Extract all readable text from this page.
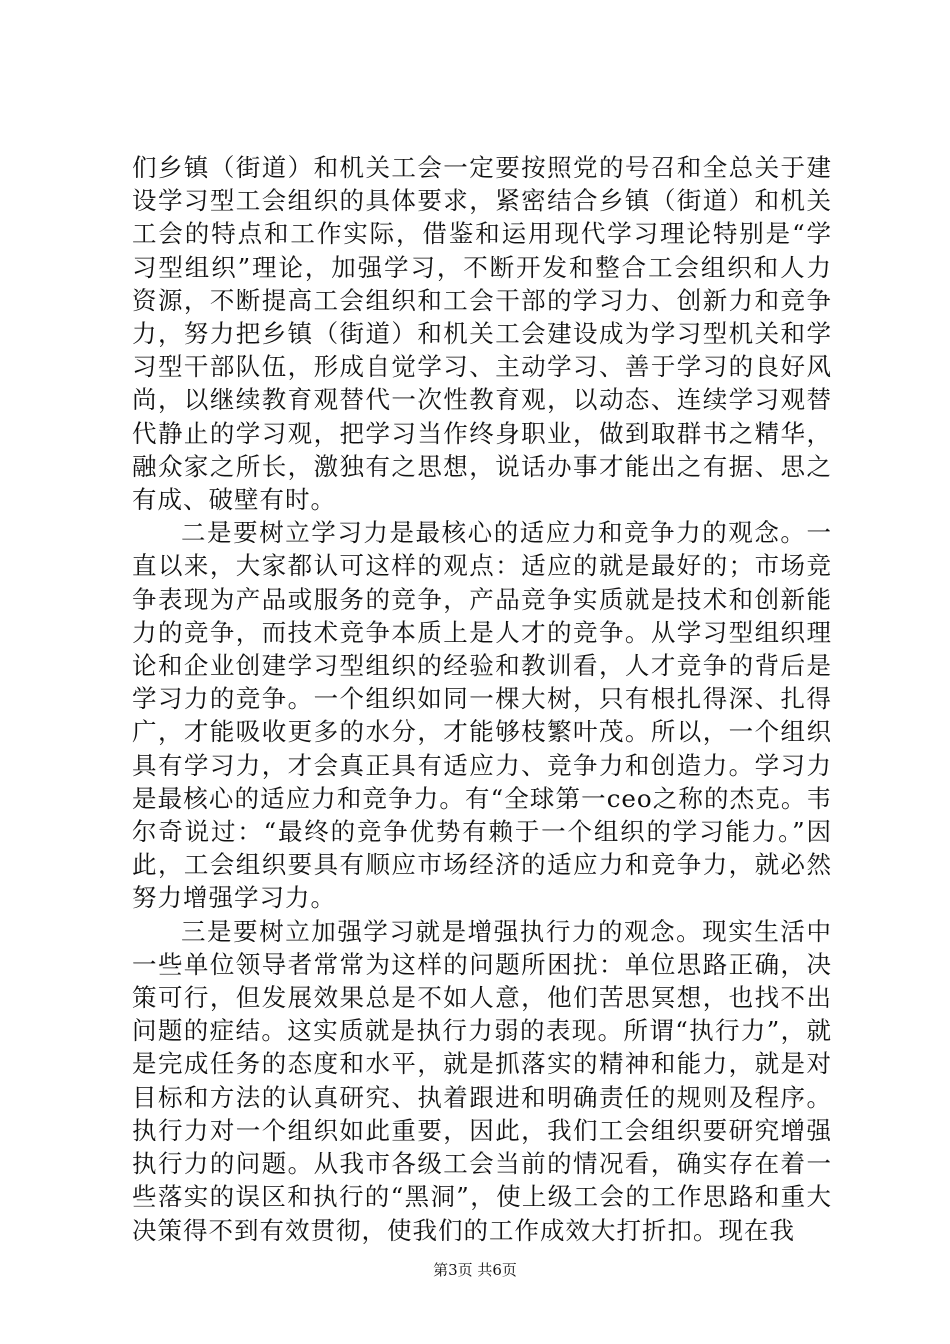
们乡镇（街道）和机关工会一定要按照党的号召和全总关于建设学习型工会组织的具体要求，紧密结合乡镇（街道）和机关工会的特点和工作实际，借鉴和运用现代学习理论特别是“学习型组织”理论，加强学习，不断开发和整合工会组织和人力资源，不断提高工会组织和工会干部的学习力、创新力和竞争力，努力把乡镇（街道）和机关工会建设成为学习型机关和学习型干部队伍，形成自觉学习、主动学习、善于学习的良好风尚，以继续教育观替代一次性教育观，以动态、连续学习观替代静止的学习观，把学习当作终身职业，做到取群书之精华，融众家之所长，激独有之思想，说话办事才能出之有据、思之有成、破壁有时。

二是要树立学习力是最核心的适应力和竞争力的观念。一直以来，大家都认可这样的观点：适应的就是最好的；市场竞争表现为产品或服务的竞争，产品竞争实质就是技术和创新能力的竞争，而技术竞争本质上是人才的竞争。从学习型组织理论和企业创建学习型组织的经验和教训看，人才竞争的背后是学习力的竞争。一个组织如同一棵大树，只有根扎得深、扎得广，才能吸收更多的水分，才能够枝繁叶茂。所以，一个组织具有学习力，才会真正具有适应力、竞争力和创造力。学习力是最核心的适应力和竞争力。有“全球第一ceo之称的杰克。韦尔奇说过：“最终的竞争优势有赖于一个组织的学习能力。”因此，工会组织要具有顺应市场经济的适应力和竞争力，就必然努力增强学习力。

三是要树立加强学习就是增强执行力的观念。现实生活中一些单位领导者常常为这样的问题所困扰：单位思路正确，决策可行，但发展效果总是不如人意，他们苦思冥想，也找不出问题的症结。这实质就是执行力弱的表现。所谓“执行力”，就是完成任务的态度和水平，就是抓落实的精神和能力，就是对目标和方法的认真研究、执着跟进和明确责任的规则及程序。执行力对一个组织如此重要，因此，我们工会组织要研究增强执行力的问题。从我市各级工会当前的情况看，确实存在着一些落实的误区和执行的“黑洞”，使上级工会的工作思路和重大决策得不到有效贯彻，使我们的工作成效大打折扣。现在我

第3页 共6页
